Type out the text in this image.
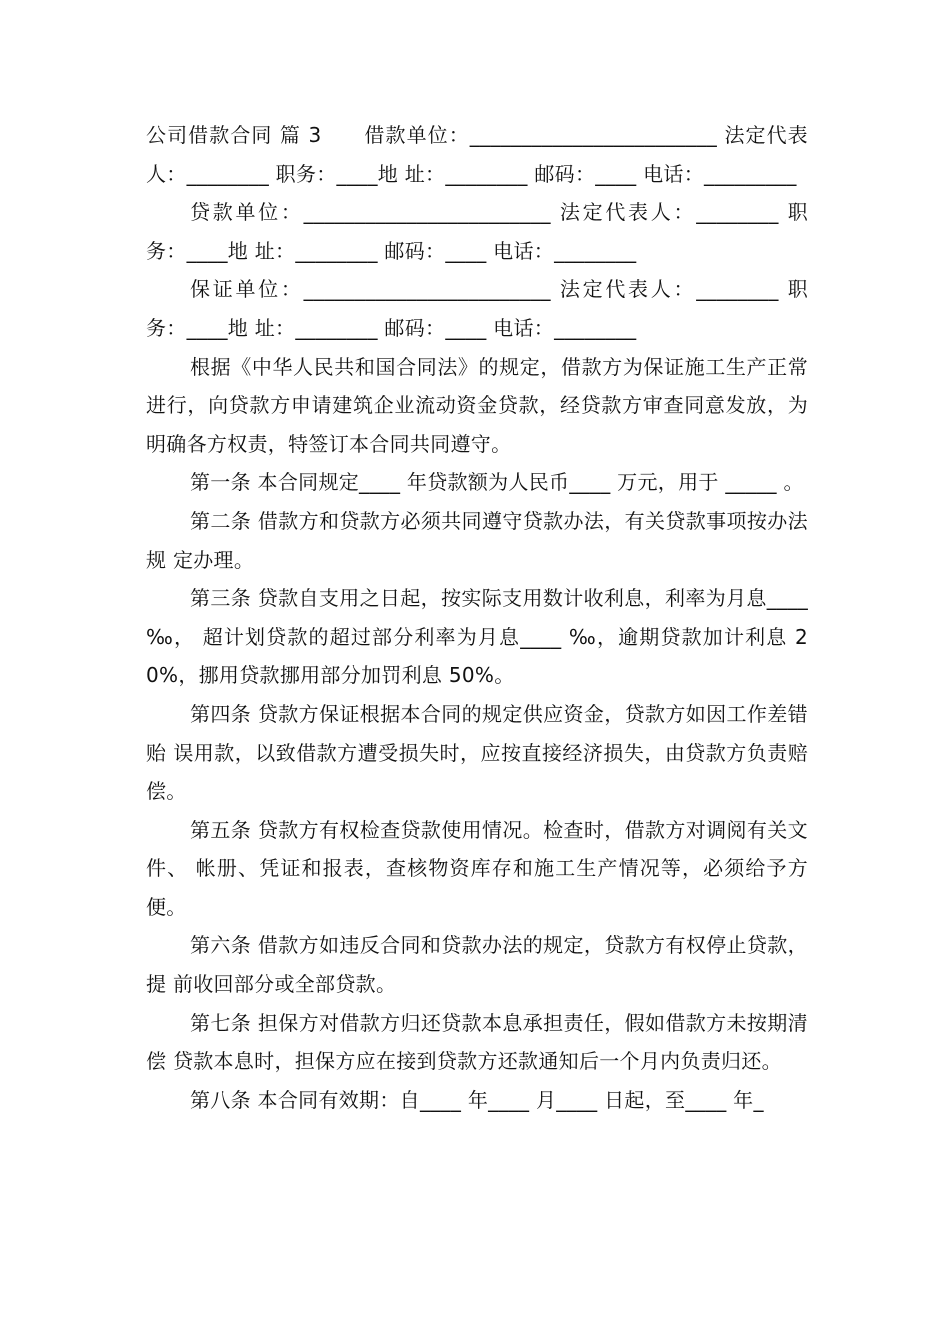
公司借款合同 篇 3　　借款单位：________________________ 法定代表人：________ 职务：____地 址：________ 邮码：____ 电话：_________

贷款单位：________________________ 法定代表人：________ 职务：____地 址：________ 邮码：____ 电话：________

保证单位：________________________ 法定代表人：________ 职务：____地 址：________ 邮码：____ 电话：________

根据《中华人民共和国合同法》的规定，借款方为保证施工生产正常进行，向贷款方申请建筑企业流动资金贷款，经贷款方审查同意发放，为明确各方权责，特签订本合同共同遵守。

第一条 本合同规定____ 年贷款额为人民币____ 万元，用于 _____ 。

第二条 借款方和贷款方必须共同遵守贷款办法，有关贷款事项按办法规 定办理。

第三条 贷款自支用之日起，按实际支用数计收利息，利率为月息____ ‰， 超计划贷款的超过部分利率为月息____ ‰，逾期贷款加计利息 20%，挪用贷款挪用部分加罚利息 50%。

第四条 贷款方保证根据本合同的规定供应资金，贷款方如因工作差错贻 误用款，以致借款方遭受损失时，应按直接经济损失，由贷款方负责赔偿。

第五条 贷款方有权检查贷款使用情况。检查时，借款方对调阅有关文件、 帐册、凭证和报表，查核物资库存和施工生产情况等，必须给予方便。

第六条 借款方如违反合同和贷款办法的规定，贷款方有权停止贷款，提 前收回部分或全部贷款。

第七条 担保方对借款方归还贷款本息承担责任，假如借款方未按期清偿 贷款本息时，担保方应在接到贷款方还款通知后一个月内负责归还。

第八条 本合同有效期：自____ 年____ 月____ 日起，至____ 年_
